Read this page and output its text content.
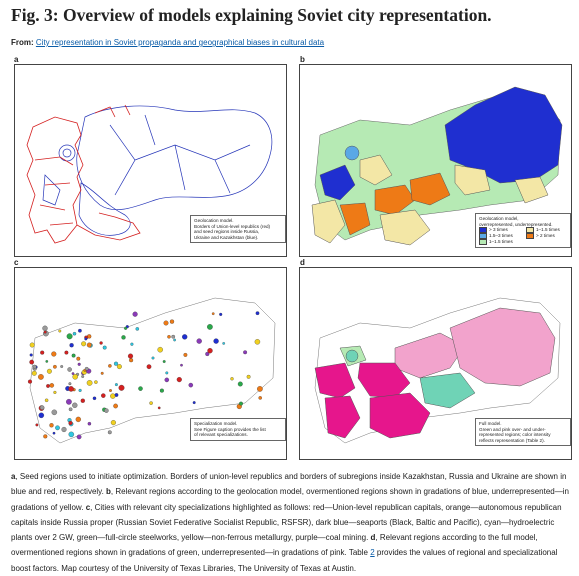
Fig. 3: Overview of models explaining Soviet city representation.
From: City representation in Soviet propaganda and geographical biases in cultural data
a	b
c	d
Geolocation model.
Borders of Union-level republics (red)
and seed regions inside Russia,
Ukraine and Kazakhstan (blue).
Geolocation model,
overrepresented, underrepresented.
> 3 times	1–1.5 times
1.5–3 times	> 2 times
1–1.5 times
Specialization model.
See Figure caption provides the list
of relevant specializations.
Full model.
Green and pink over- and under-
represented regions; color intensity
reflects representation (Table 2).
a, Seed regions used to initiate optimization. Borders of union-level republics and borders of subregions inside Kazakhstan, Russia and Ukraine are shown in blue and red, respectively. b, Relevant regions according to the geolocation model, overmentioned regions shown in gradations of blue, underrepresented—in gradations of yellow. c, Cities with relevant city specializations highlighted as follows: red—Union-level republican capitals, orange—autonomous republican capitals inside Russia proper (Russian Soviet Federative Socialist Republic, RSFSR), dark blue—seaports (Black, Baltic and Pacific), cyan—hydroelectric plants over 2 GW, green—full-circle steelworks, yellow—non-ferrous metallurgy, purple—coal mining. d, Relevant regions according to the full model, overmentioned regions shown in gradations of green, underrepresented—in gradations of pink. Table 2 provides the values of regional and specializational boost factors. Map courtesy of the University of Texas Libraries, The University of Texas at Austin.
